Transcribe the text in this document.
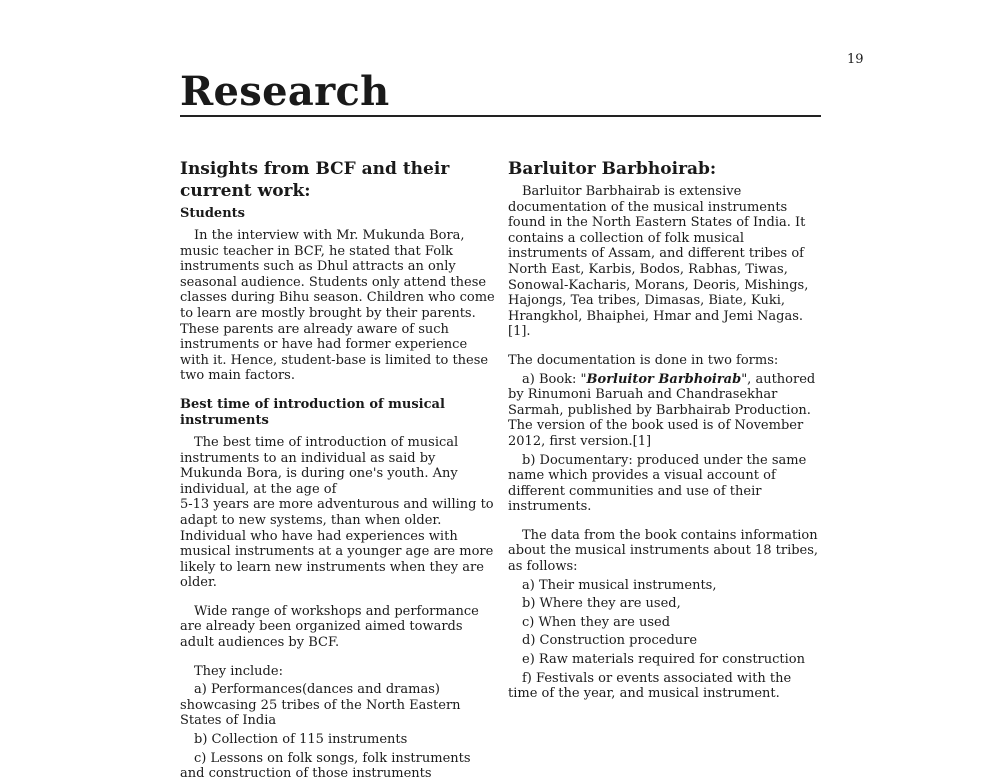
19
Research
Insights from BCF and their current work:
Students

In the interview with Mr. Mukunda Bora, music teacher in BCF, he stated that Folk instruments such as Dhul attracts an only seasonal audience. Students only attend these classes during Bihu season. Children who come to learn are mostly brought by their parents. These parents are already aware of such instruments or have had former experience with it. Hence, student-base is limited to these two main factors.

Best time of introduction of musical instruments

The best time of introduction of musical instruments to an individual as said by Mukunda Bora, is during one's youth. Any individual, at the age of

5-13 years are more adventurous and willing to adapt to new systems, than when older. Individual who have had experiences with musical instruments at a younger age are more likely to learn new instruments when they are older.

Wide range of workshops and performance are already been organized aimed towards adult audiences by BCF.

They include:

a) Performances(dances and dramas) showcasing 25 tribes of the North Eastern States of India

b) Collection of 115 instruments

c) Lessons on folk songs, folk instruments and construction of those instruments

Barluitor Barbhoirab:

Barluitor Barbhairab is extensive documentation of the musical instruments found in the North Eastern States of India. It contains a collection of folk musical instruments of Assam, and different tribes of North East, Karbis, Bodos, Rabhas, Tiwas, Sonowal-Kacharis, Morans, Deoris, Mishings, Hajongs, Tea tribes, Dimasas, Biate, Kuki, Hrangkhol, Bhaiphei, Hmar and Jemi Nagas. [1].

The documentation is done in two forms:

a) Book: "Borluitor Barbhoirab", authored by Rinumoni Baruah and Chandrasekhar Sarmah, published by Barbhairab Production. The version of the book used is of November 2012, first version.[1]

b) Documentary: produced under the same name which provides a visual account of different communities and use of their instruments.

The data from the book contains information about the musical instruments about 18 tribes, as follows:

a) Their musical instruments,

b) Where they are used,

c) When they are used

d) Construction procedure

e) Raw materials required for construction

f) Festivals or events associated with the time of the year, and musical instrument.
